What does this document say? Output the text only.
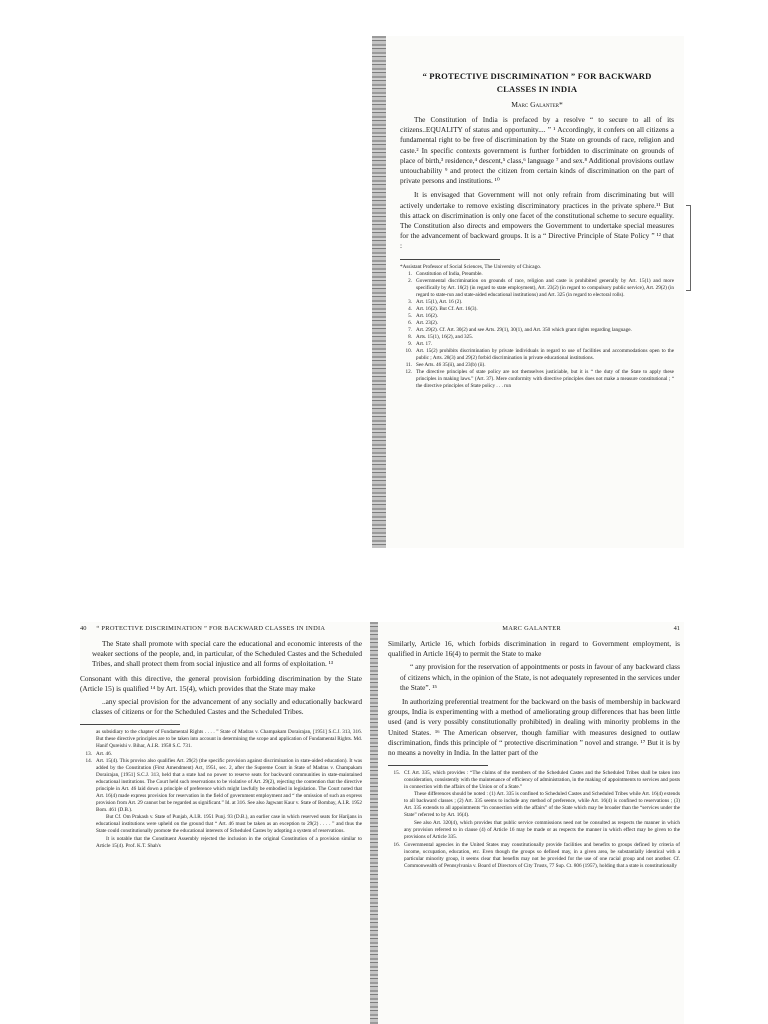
“ PROTECTIVE DISCRIMINATION ” FOR BACKWARD
CLASSES IN INDIA
Marc Galanter*

The Constitution of India is prefaced by a resolve “ to secure to all of its citizens..EQUALITY of status and opportunity.... ” ¹ Accordingly, it confers on all citizens a fundamental right to be free of discrimination by the State on grounds of race, religion and caste.² In specific contexts government is further forbidden to discriminate on grounds of place of birth,³ residence,⁴ descent,⁵ class,⁶ language ⁷ and sex.⁸ Additional provisions outlaw untouchability ⁹ and protect the citizen from certain kinds of discrimination on the part of private persons and institutions. ¹⁰

It is envisaged that Government will not only refrain from discriminating but will actively undertake to remove existing discriminatory practices in the private sphere.¹¹ But this attack on discrimination is only one facet of the constitutional scheme to secure equality. The Constitution also directs and empowers the Government to undertake special measures for the advancement of backward groups. It is a “ Directive Principle of State Policy ” ¹² that :

*Assistant Professor of Social Sciences, The University of Chicago.

1. Constitution of India, Preamble.
2. Governmental discrimination on grounds of race, religion and caste is prohibited generally by Art. 15(1) and more specifically by Art. 16(2) (in regard to state employment), Art. 23(2) (in regard to compulsory public service), Art. 29(2) (in regard to state-run and state-aided educational institutions) and Art. 325 (in regard to electoral rolls).
3. Art. 15(1), Art. 16 (2).
4. Art. 16(2). But Cf. Art. 16(3).
5. Art. 16(2).
6. Art. 23(2).
7. Art. 29(2). Cf. Art. 30(2) and see Arts. 29(1), 30(1), and Art. 350 which grant rights regarding language.
8. Arts. 15(1), 16(2), and 325.
9. Art. 17.
10. Art. 15(2) prohibits discrimination by private individuals in regard to use of facilities and accommodations open to the public ; Arts. 28(3) and 29(2) forbid discrimination in private educational institutions.
11. See Arts. 46 35(ii), and 23(b) (ii).
12. The directive principles of state policy are not themselves justiciable, but it is “ the duty of the State to apply these principles in making laws.” (Art. 37). Mere conformity with directive principles does not make a measure constitutional ; “ the directive principles of State policy . . . run
40 “ PROTECTIVE DISCRIMINATION ” FOR BACKWARD CLASSES IN INDIA

The State shall promote with special care the educational and economic interests of the weaker sections of the people, and, in particular, of the Scheduled Castes and the Scheduled Tribes, and shall protect them from social injustice and all forms of exploitation. ¹³

Consonant with this directive, the general provision forbidding discrimination by the State (Article 15) is qualified ¹⁴ by Art. 15(4), which provides that the State may make

..any special provision for the advancement of any socially and educationally backward classes of citizens or for the Scheduled Castes and the Scheduled Tribes.

as subsidiary to the chapter of Fundamental Rights . . . . ” State of Madras v. Champakam Dorairajan, [1951] S.C.J. 313, 316. But these directive principles are to be taken into account in determining the scope and application of Fundamental Rights. Md. Hanif Qureishi v. Bihar, A.I.R. 1958 S.C. 731.

13. Art. 46.
14. Art. 15(4). This proviso also qualifies Art. 29(2) (the specific provision against discrimination in state-aided education). It was added by the Constitution (First Amendment) Act, 1951, sec. 2, after the Supreme Court in State of Madras v. Champakam Dorairajan, [1951] S.C.J. 313, held that a state had no power to reserve seats for backward communities in state-maintained educational institutions. The Court held such reservations to be violative of Art. 29(2), rejecting the contention that the directive principle in Art. 46 laid down a principle of preference which might lawfully be embodied in legislation. The Court noted that Art. 16(4) made express provision for reservation in the field of government employment and “ the omission of such an express provision from Art. 29 cannot but be regarded as significant.” Id. at 316. See also Jagwant Kaur v. State of Bombay, A.I.R. 1952 Bom. 461 (D.B.).

But Cf. Om Prakash v. State of Punjab, A.I.R. 1951 Punj. 93 (D.B.), an earlier case in which reserved seats for Harijans in educational institutions were upheld on the ground that “ Art. 46 must be taken as an exception to 29(2) . . . . ” and thus the State could constitutionally promote the educational interests of Scheduled Castes by adopting a system of reservations.

It is notable that the Constituent Assembly rejected the inclusion in the original Constitution of a provision similar to Article 15(4). Prof. K.T. Shah's

MARC GALANTER	41

Similarly, Article 16, which forbids discrimination in regard to Government employment, is qualified in Article 16(4) to permit the State to make

“ any provision for the reservation of appointments or posts in favour of any backward class of citizens which, in the opinion of the State, is not adequately represented in the services under the State”. ¹⁵

In authorizing preferential treatment for the backward on the basis of membership in backward groups, India is experimenting with a method of ameliorating group differences that has been little used (and is very possibly constitutionally prohibited) in dealing with minority problems in the United States. ¹⁶ The American observer, though familiar with measures designed to outlaw discrimination, finds this principle of “ protective discrimination ” novel and strange. ¹⁷ But it is by no means a novelty in India. In the latter part of the

15. Cf. Art. 335, which provides : “The claims of the members of the Scheduled Castes and the Scheduled Tribes shall be taken into consideration, consistently with the maintenance of efficiency of administration, in the making of appointments to services and posts in connection with the affairs of the Union or of a State.”

These differences should be noted : (1) Art. 335 is confined to Scheduled Castes and Scheduled Tribes while Art. 16(4) extends to all backward classes ; (2) Art. 335 seems to include any method of preference, while Art. 16(4) is confined to reservations ; (3) Art. 335 extends to all appointments “in connection with the affairs” of the State which may be broader than the “services under the State” referred to by Art. 16(4).

See also Art. 320(4), which provides that public service commissions need not be consulted as respects the manner in which any provision referred to in clause (4) of Article 16 may be made or as respects the manner in which effect may be given to the provisions of Article 335.

16. Governmental agencies in the United States may constitutionally provide facilities and benefits to groups defined by criteria of income, occupation, education, etc. Even though the groups so defined may, in a given area, be substantially identical with a particular minority group, it seems clear that benefits may not be provided for the use of one racial group and not another. Cf. Commonwealth of Pennsylvania v. Board of Directors of City Trusts, 77 Sup. Ct. 806 (1957), holding that a state is constitutionally
